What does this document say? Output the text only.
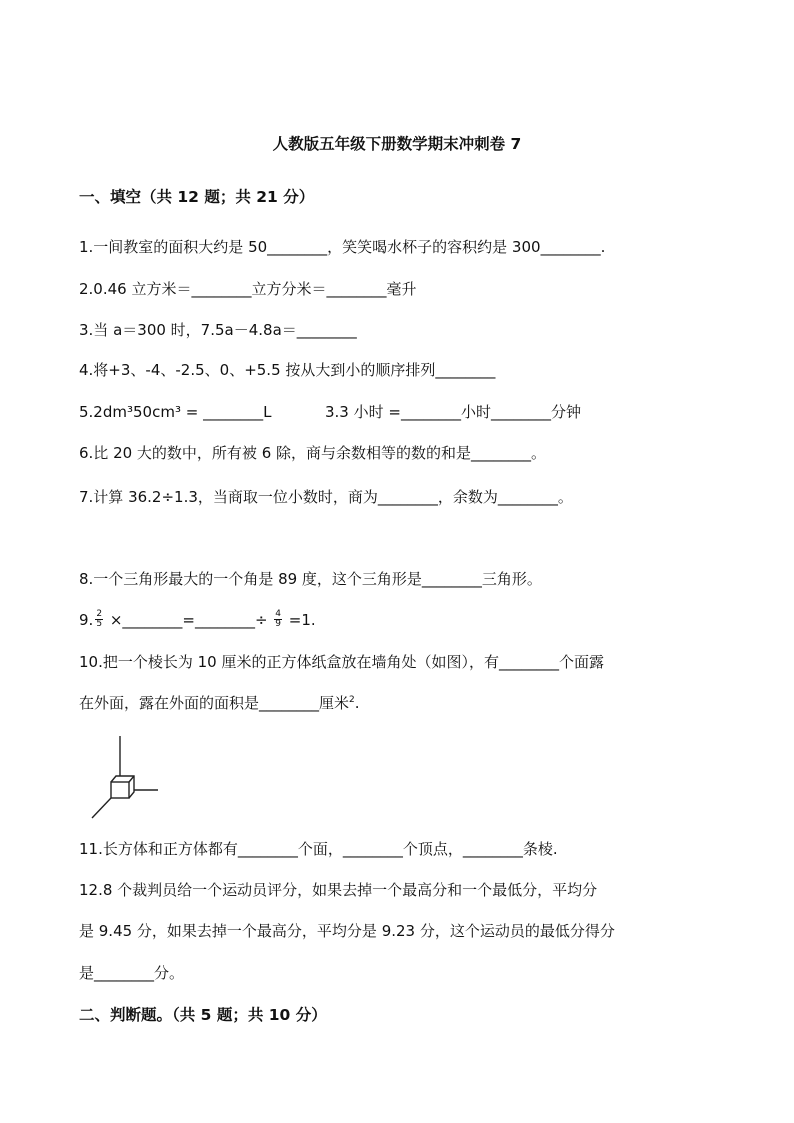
人教版五年级下册数学期末冲刺卷 7
一、填空（共 12 题；共 21 分）
1.一间教室的面积大约是 50________，笑笑喝水杯子的容积约是 300________.
2.0.46 立方米＝________立方分米＝________毫升
3.当 a＝300 时，7.5a－4.8a＝________
4.将+3、-4、-2.5、0、+5.5 按从大到小的顺序排列________
5.2dm³50cm³ = ________L	3.3 小时 =________小时________分钟
6.比 20 大的数中，所有被 6 除，商与余数相等的数的和是________。
7.计算 36.2÷1.3，当商取一位小数时，商为________，余数为________。
8.一个三角形最大的一个角是 89 度，这个三角形是________三角形。
9. $\frac{2}{5}$ ×________=________÷ $\frac{4}{9} =1$.
10.把一个棱长为 10 厘米的正方体纸盒放在墙角处（如图），有________个面露
在外面，露在外面的面积是________厘米$^2$.
11.长方体和正方体都有________个面，________个顶点，________条棱.
12.8 个裁判员给一个运动员评分，如果去掉一个最高分和一个最低分，平均分
是 9.45 分，如果去掉一个最高分，平均分是 9.23 分，这个运动员的最低分得分
是________分。
二、判断题。（共 5 题；共 10 分）
